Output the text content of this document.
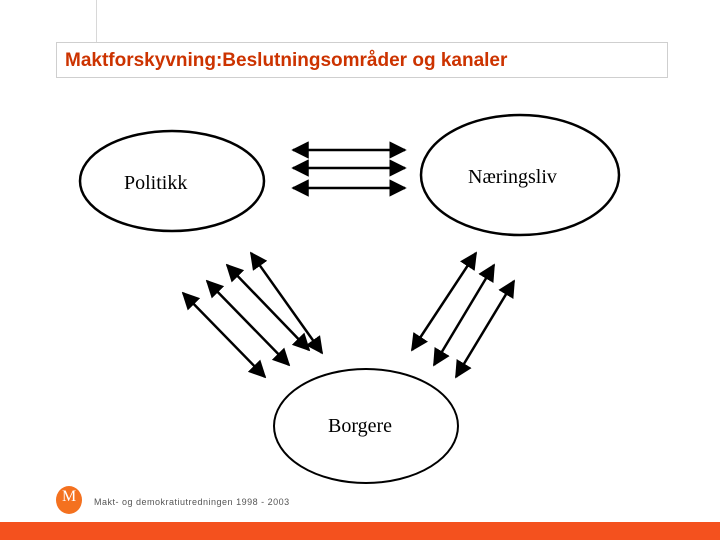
Maktforskyvning:Beslutningsområder og kanaler
Politikk	Næringsliv
Borgere
M Makt- og demokratiutredningen 1998 - 2003
